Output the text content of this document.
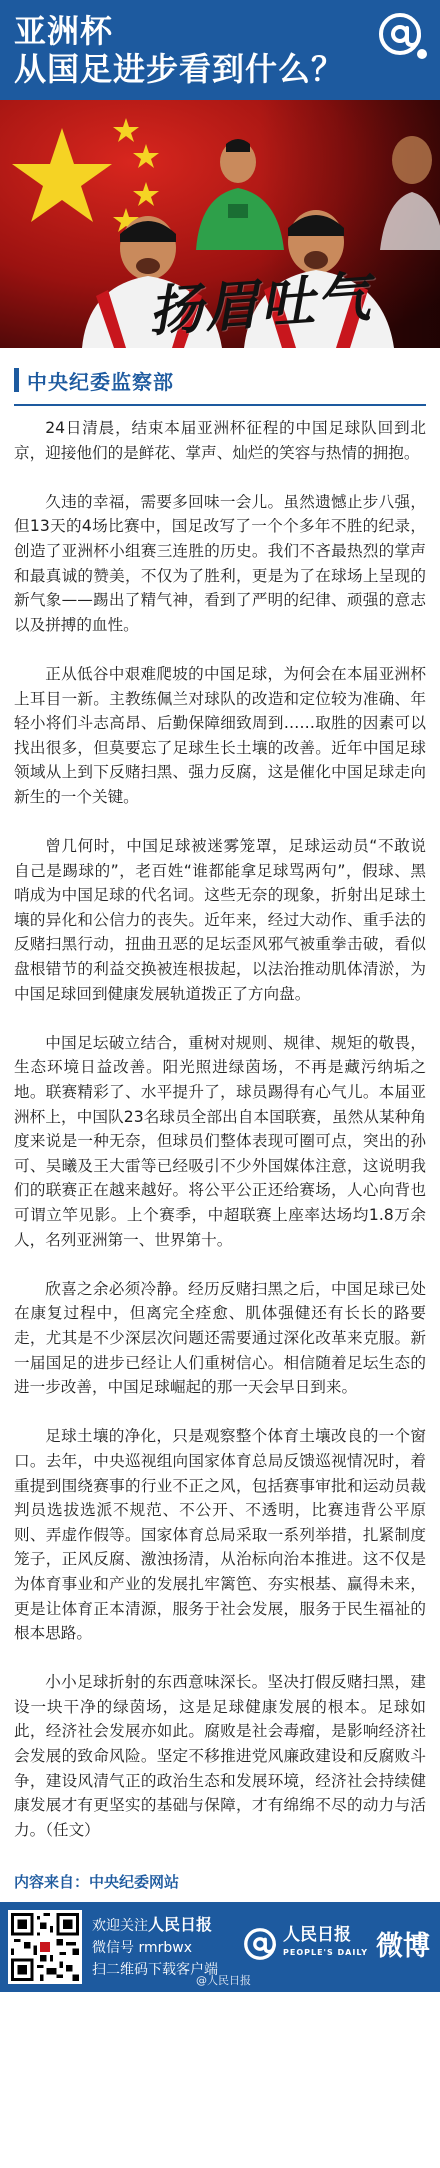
亚洲杯
从国足进步看到什么？
扬眉吐气
中央纪委监察部

24日清晨，结束本届亚洲杯征程的中国足球队回到北京，迎接他们的是鲜花、掌声、灿烂的笑容与热情的拥抱。

久违的幸福，需要多回味一会儿。虽然遗憾止步八强，但13天的4场比赛中，国足改写了一个个多年不胜的纪录，创造了亚洲杯小组赛三连胜的历史。我们不吝最热烈的掌声和最真诚的赞美，不仅为了胜利，更是为了在球场上呈现的新气象——踢出了精气神，看到了严明的纪律、顽强的意志以及拼搏的血性。

正从低谷中艰难爬坡的中国足球，为何会在本届亚洲杯上耳目一新。主教练佩兰对球队的改造和定位较为准确、年轻小将们斗志高昂、后勤保障细致周到……取胜的因素可以找出很多，但莫要忘了足球生长土壤的改善。近年中国足球领域从上到下反赌扫黑、强力反腐，这是催化中国足球走向新生的一个关键。

曾几何时，中国足球被迷雾笼罩，足球运动员“不敢说自己是踢球的”，老百姓“谁都能拿足球骂两句”，假球、黑哨成为中国足球的代名词。这些无奈的现象，折射出足球土壤的异化和公信力的丧失。近年来，经过大动作、重手法的反赌扫黑行动，扭曲丑恶的足坛歪风邪气被重拳击破，看似盘根错节的利益交换被连根拔起，以法治推动肌体清淤，为中国足球回到健康发展轨道拨正了方向盘。

中国足坛破立结合，重树对规则、规律、规矩的敬畏，生态环境日益改善。阳光照进绿茵场，不再是藏污纳垢之地。联赛精彩了、水平提升了，球员踢得有心气儿。本届亚洲杯上，中国队23名球员全部出自本国联赛，虽然从某种角度来说是一种无奈，但球员们整体表现可圈可点，突出的孙可、吴曦及王大雷等已经吸引不少外国媒体注意，这说明我们的联赛正在越来越好。将公平公正还给赛场，人心向背也可谓立竿见影。上个赛季，中超联赛上座率达场均1.8万余人，名列亚洲第一、世界第十。

欣喜之余必须冷静。经历反赌扫黑之后，中国足球已处在康复过程中，但离完全痊愈、肌体强健还有长长的路要走，尤其是不少深层次问题还需要通过深化改革来克服。新一届国足的进步已经让人们重树信心。相信随着足坛生态的进一步改善，中国足球崛起的那一天会早日到来。

足球土壤的净化，只是观察整个体育土壤改良的一个窗口。去年，中央巡视组向国家体育总局反馈巡视情况时，着重提到围绕赛事的行业不正之风，包括赛事审批和运动员裁判员选拔选派不规范、不公开、不透明，比赛违背公平原则、弄虚作假等。国家体育总局采取一系列举措，扎紧制度笼子，正风反腐、激浊扬清，从治标向治本推进。这不仅是为体育事业和产业的发展扎牢篱笆、夯实根基、赢得未来，更是让体育正本清源，服务于社会发展，服务于民生福祉的根本思路。

小小足球折射的东西意味深长。坚决打假反赌扫黑，建设一块干净的绿茵场，这是足球健康发展的根本。足球如此，经济社会发展亦如此。腐败是社会毒瘤，是影响经济社会发展的致命风险。坚定不移推进党风廉政建设和反腐败斗争，建设风清气正的政治生态和发展环境，经济社会持续健康发展才有更坚实的基础与保障，才有绵绵不尽的动力与活力。（任文）

内容来自：中央纪委网站
欢迎关注人民日报
微信号 rmrbwx
扫二维码下载客户端
人民日报
PEOPLE'S DAILY 微博
@人民日报
